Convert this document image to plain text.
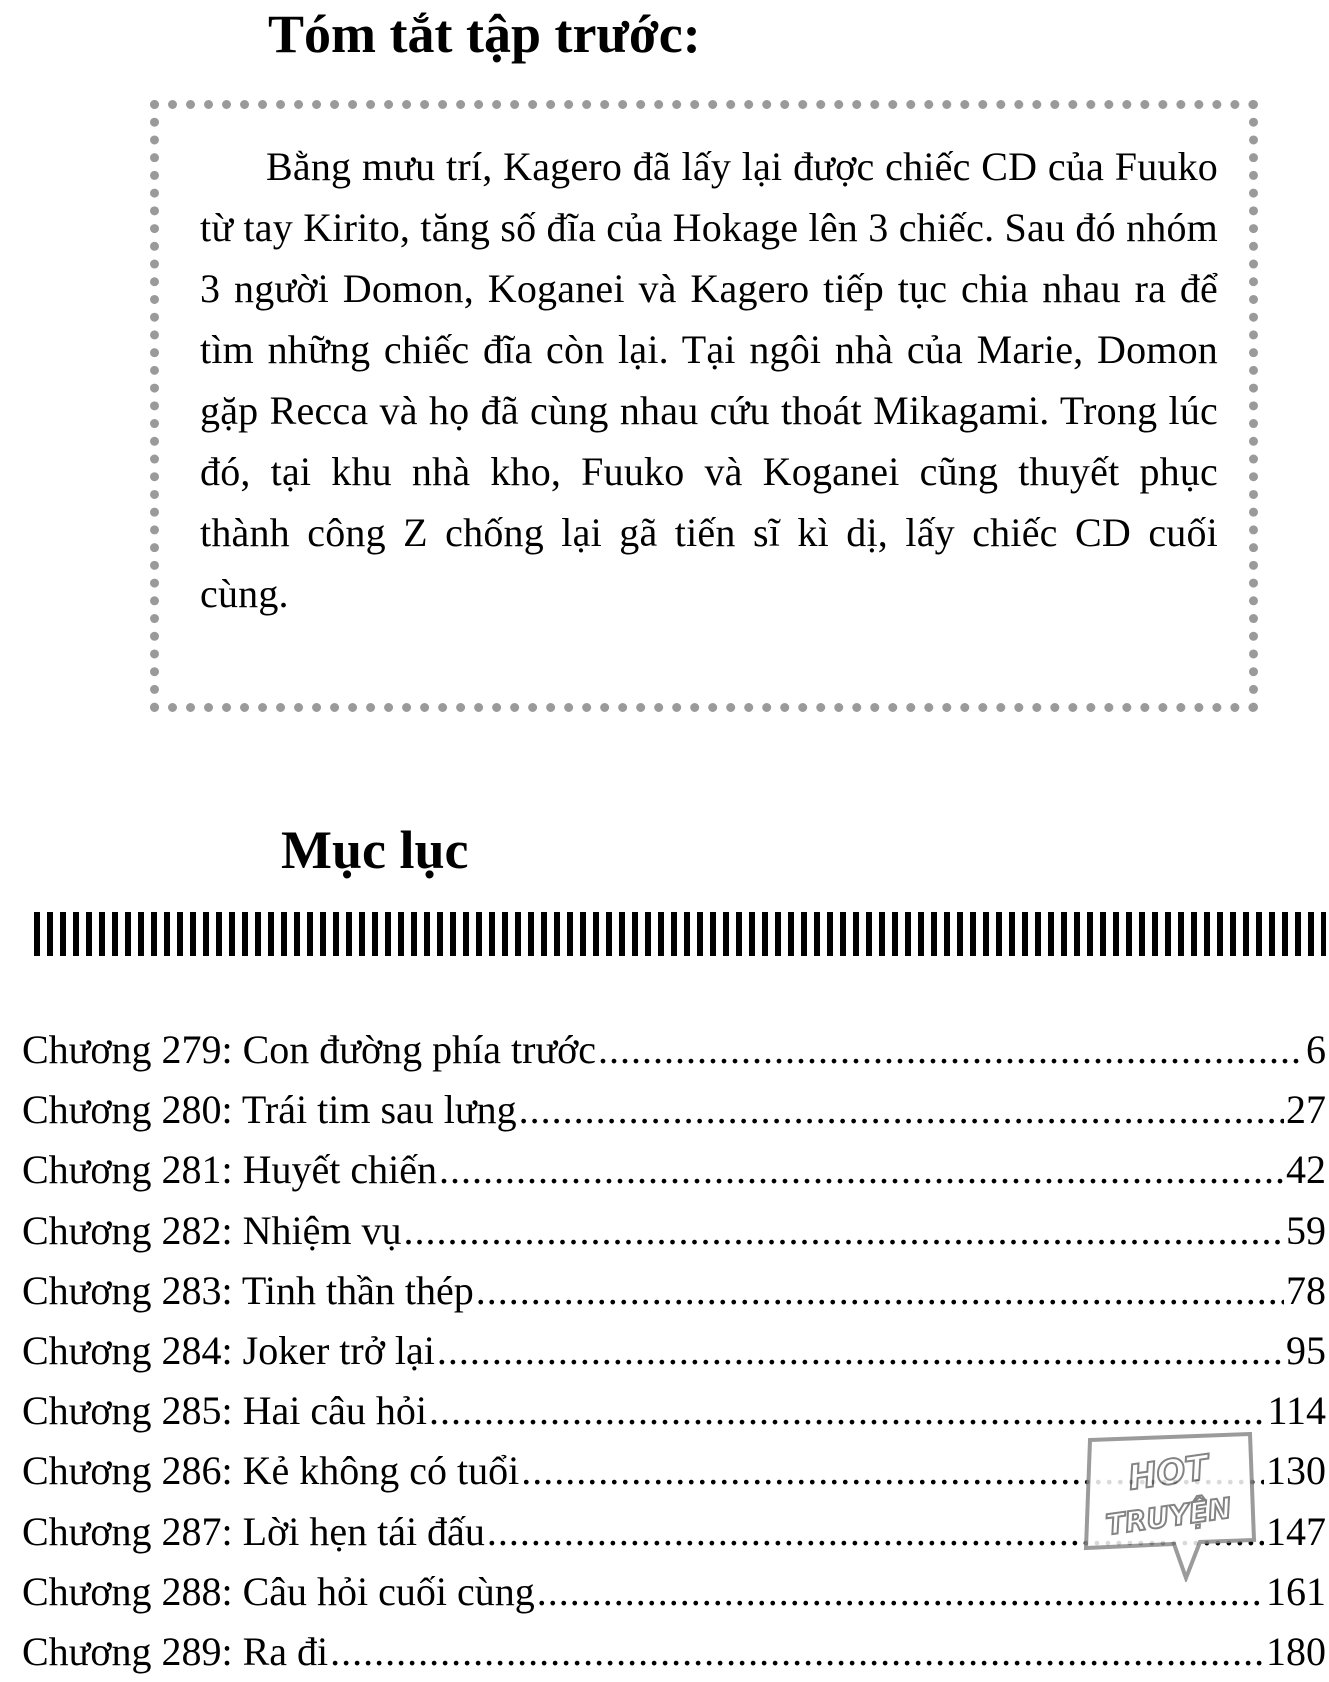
Tóm tắt tập trước:

Bằng mưu trí, Kagero đã lấy lại được chiếc CD của Fuuko từ tay Kirito, tăng số đĩa của Hokage lên 3 chiếc. Sau đó nhóm 3 người Domon, Koganei và Kagero tiếp tục chia nhau ra để tìm những chiếc đĩa còn lại. Tại ngôi nhà của Marie, Domon gặp Recca và họ đã cùng nhau cứu thoát Mikagami. Trong lúc đó, tại khu nhà kho, Fuuko và Koganei cũng thuyết phục thành công Z chống lại gã tiến sĩ kì dị, lấy chiếc CD cuối cùng.

Mục lục
Chương 279: Con đường phía trước .....	6
Chương 280: Trái tim sau lưng .....	27
Chương 281: Huyết chiến .....	42
Chương 282: Nhiệm vụ .....	59
Chương 283: Tinh thần thép .....	78
Chương 284: Joker trở lại .....	95
Chương 285: Hai câu hỏi .....	114
Chương 286: Kẻ không có tuổi .....	130
Chương 287: Lời hẹn tái đấu .....	147
Chương 288: Câu hỏi cuối cùng .....	161
Chương 289: Ra đi .....	180
HOT
TRUYỆN
